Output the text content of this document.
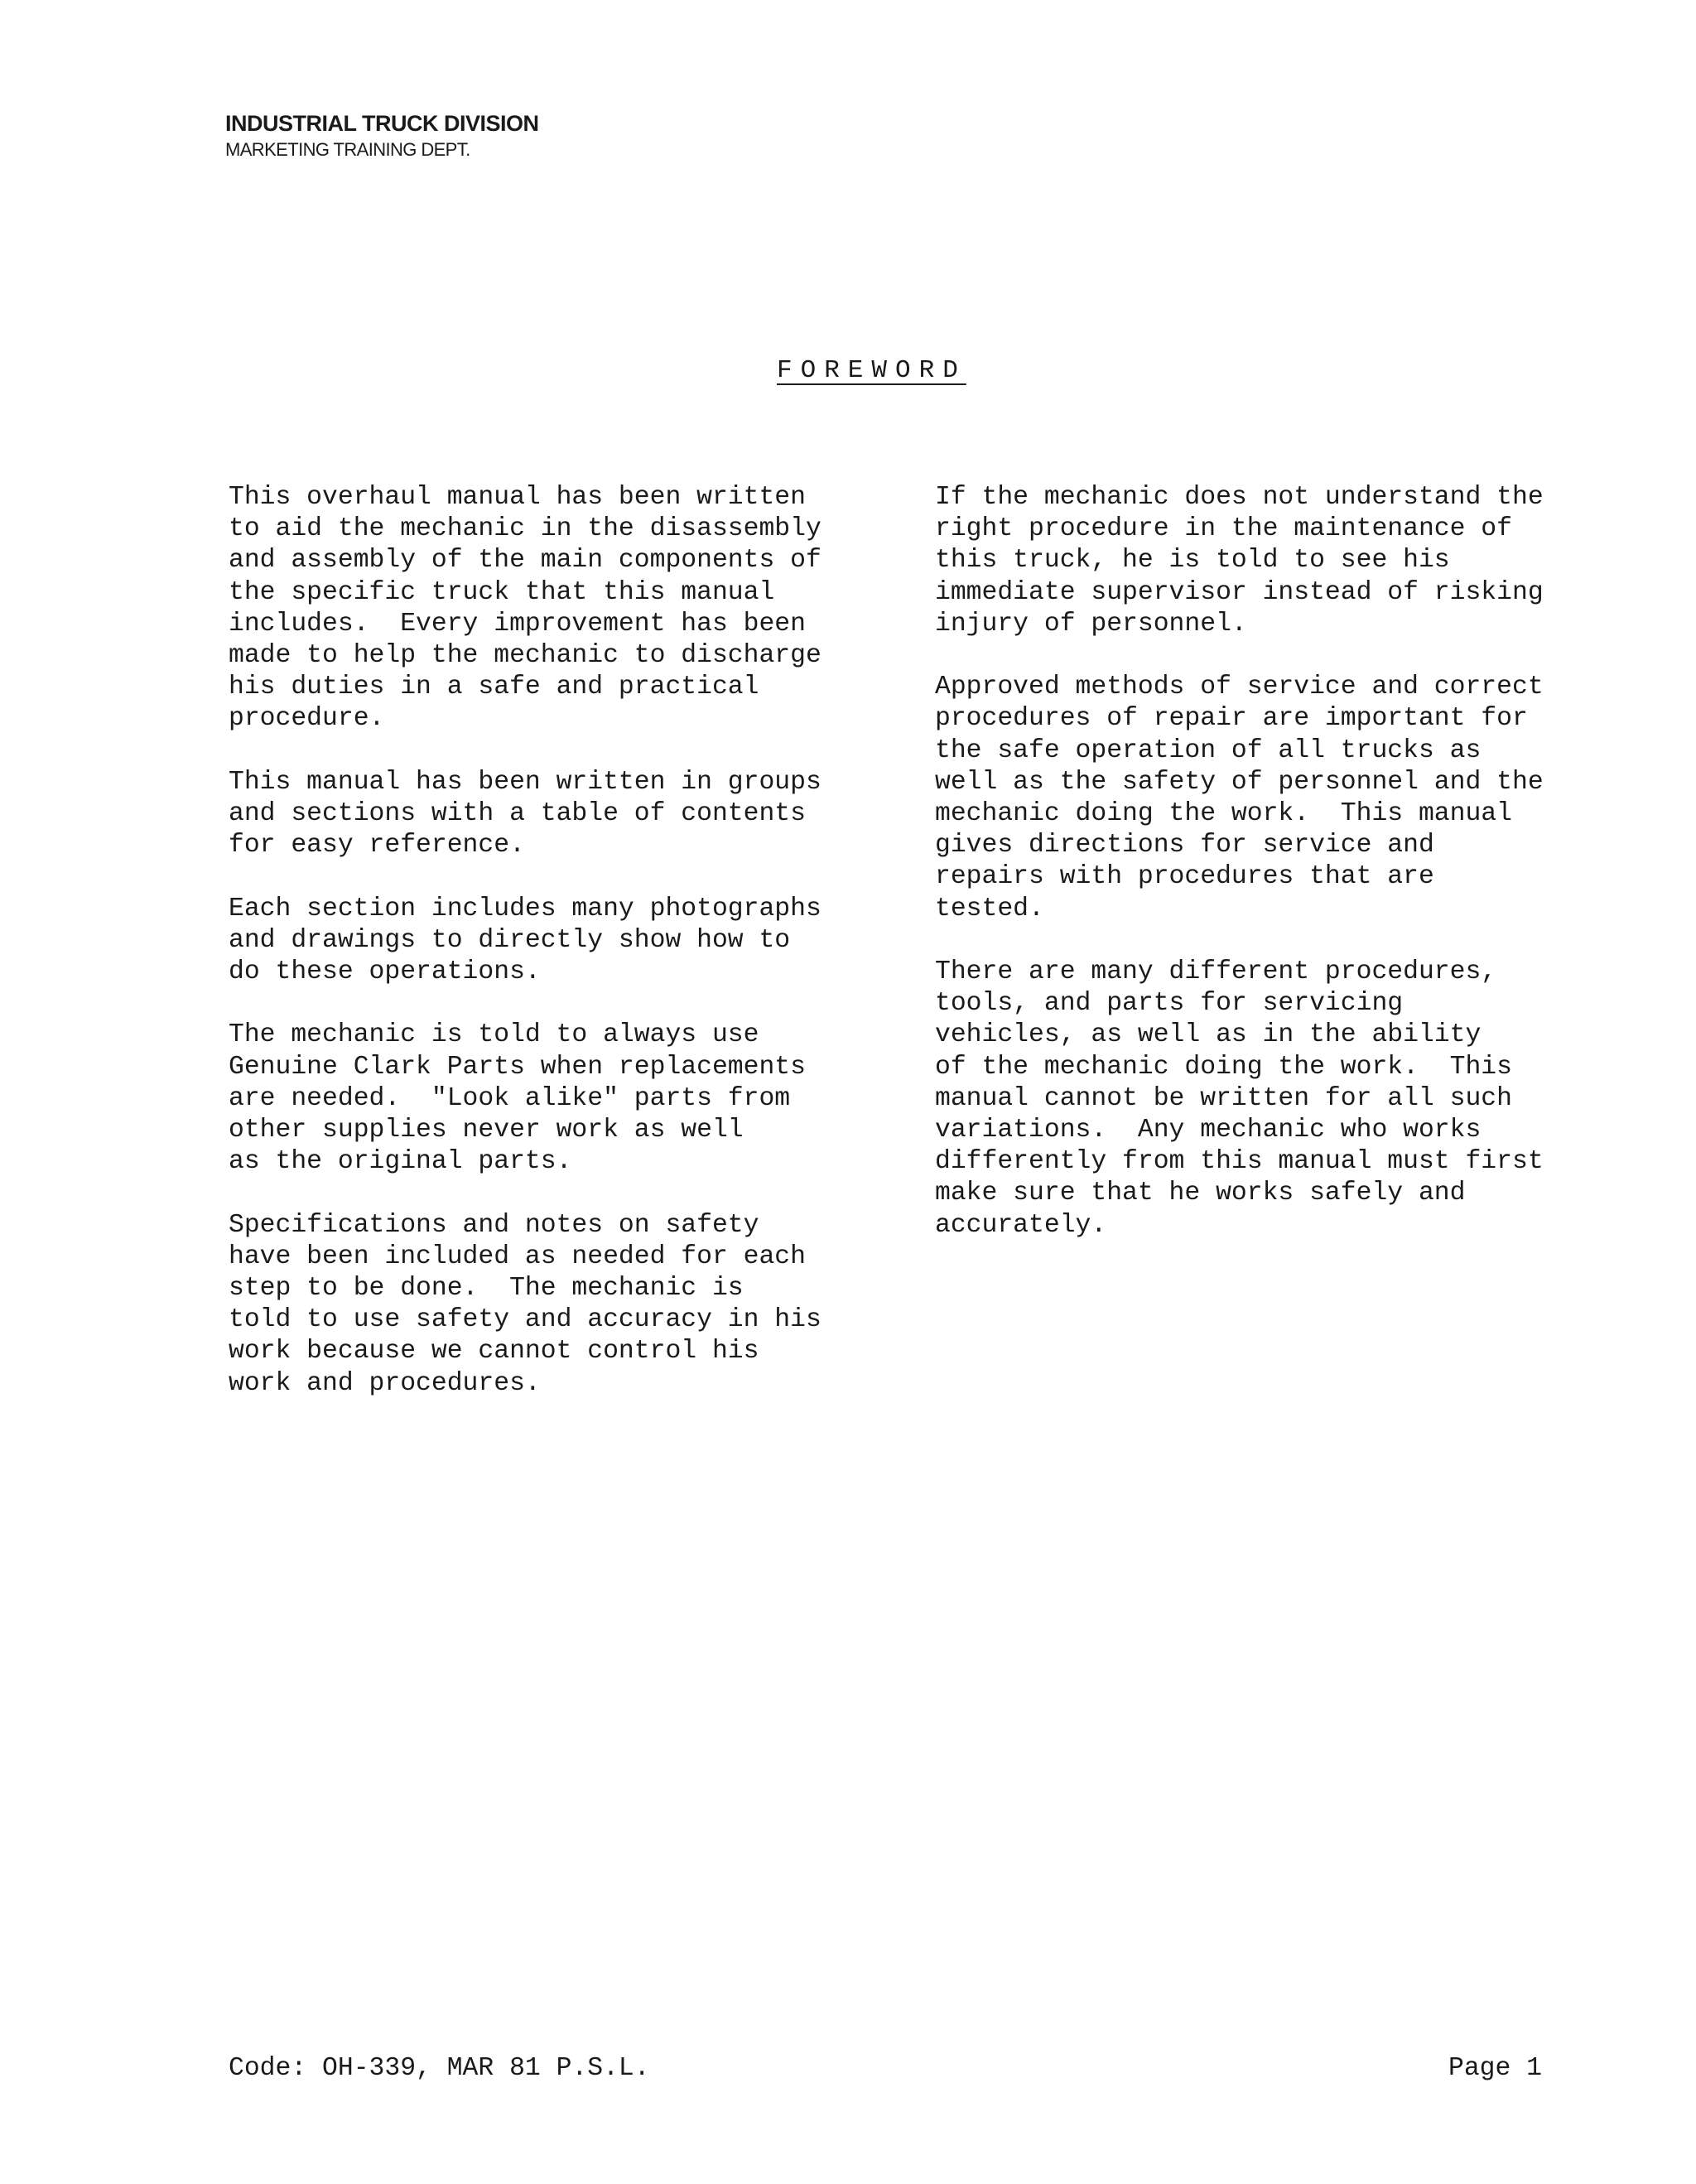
INDUSTRIAL TRUCK DIVISION
MARKETING TRAINING DEPT.
FOREWORD

This overhaul manual has been written
to aid the mechanic in the disassembly
and assembly of the main components of
the specific truck that this manual
includes.  Every improvement has been
made to help the mechanic to discharge
his duties in a safe and practical
procedure.

This manual has been written in groups
and sections with a table of contents
for easy reference.

Each section includes many photographs
and drawings to directly show how to
do these operations.

The mechanic is told to always use
Genuine Clark Parts when replacements
are needed.  "Look alike" parts from
other supplies never work as well
as the original parts.

Specifications and notes on safety
have been included as needed for each
step to be done.  The mechanic is
told to use safety and accuracy in his
work because we cannot control his
work and procedures.

If the mechanic does not understand the
right procedure in the maintenance of
this truck, he is told to see his
immediate supervisor instead of risking
injury of personnel.

Approved methods of service and correct
procedures of repair are important for
the safe operation of all trucks as
well as the safety of personnel and the
mechanic doing the work.  This manual
gives directions for service and
repairs with procedures that are
tested.

There are many different procedures,
tools, and parts for servicing
vehicles, as well as in the ability
of the mechanic doing the work.  This
manual cannot be written for all such
variations.  Any mechanic who works
differently from this manual must first
make sure that he works safely and
accurately.

Code: OH-339, MAR 81 P.S.L.	Page 1
